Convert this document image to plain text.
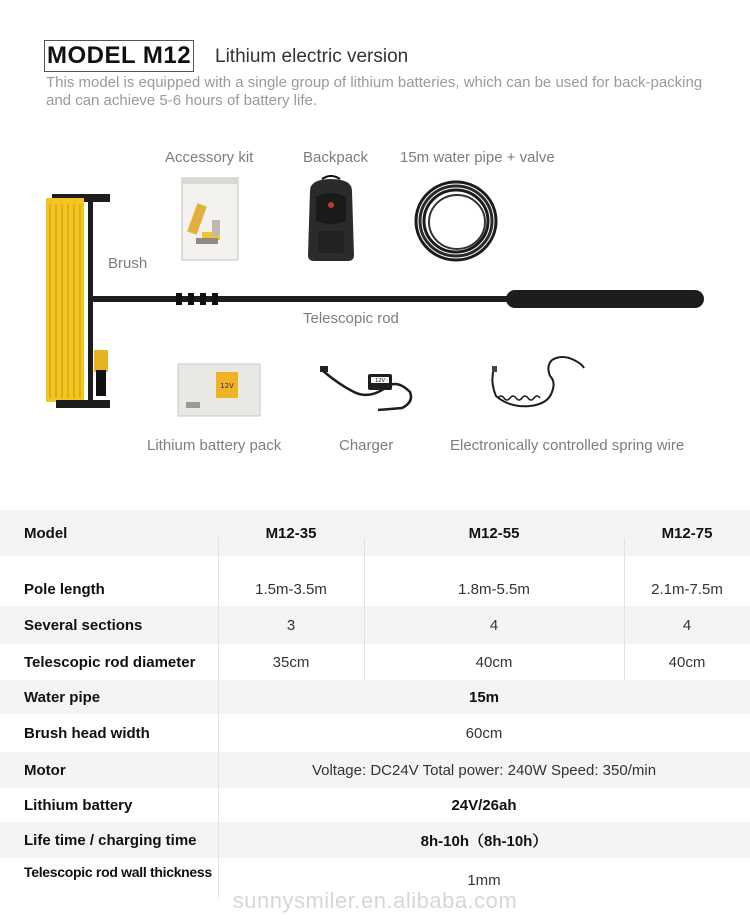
MODEL M12 Lithium electric version
This model is equipped with a single group of lithium batteries, which can be used for back-packing and can achieve 5-6 hours of battery life.
Accessory kit	Backpack 15m water pipe + valve
Brush
Telescopic rod
Lithium battery pack	Charger	Electronically controlled spring wire
12V
12V
Model	M12-35	M12-55	M12-75
Pole length	1.5m-3.5m	1.8m-5.5m	2.1m-7.5m
Several sections	3	4	4
Telescopic rod diameter	35cm	40cm	40cm
Water pipe	15m
Brush head width	60cm
Motor	Voltage: DC24V Total power: 240W Speed: 350/min
Lithium battery	24V/26ah
Life time / charging time	8h-10h（8h-10h）
Telescopic rod wall thickness	1mm
sunnysmiler.en.alibaba.com
